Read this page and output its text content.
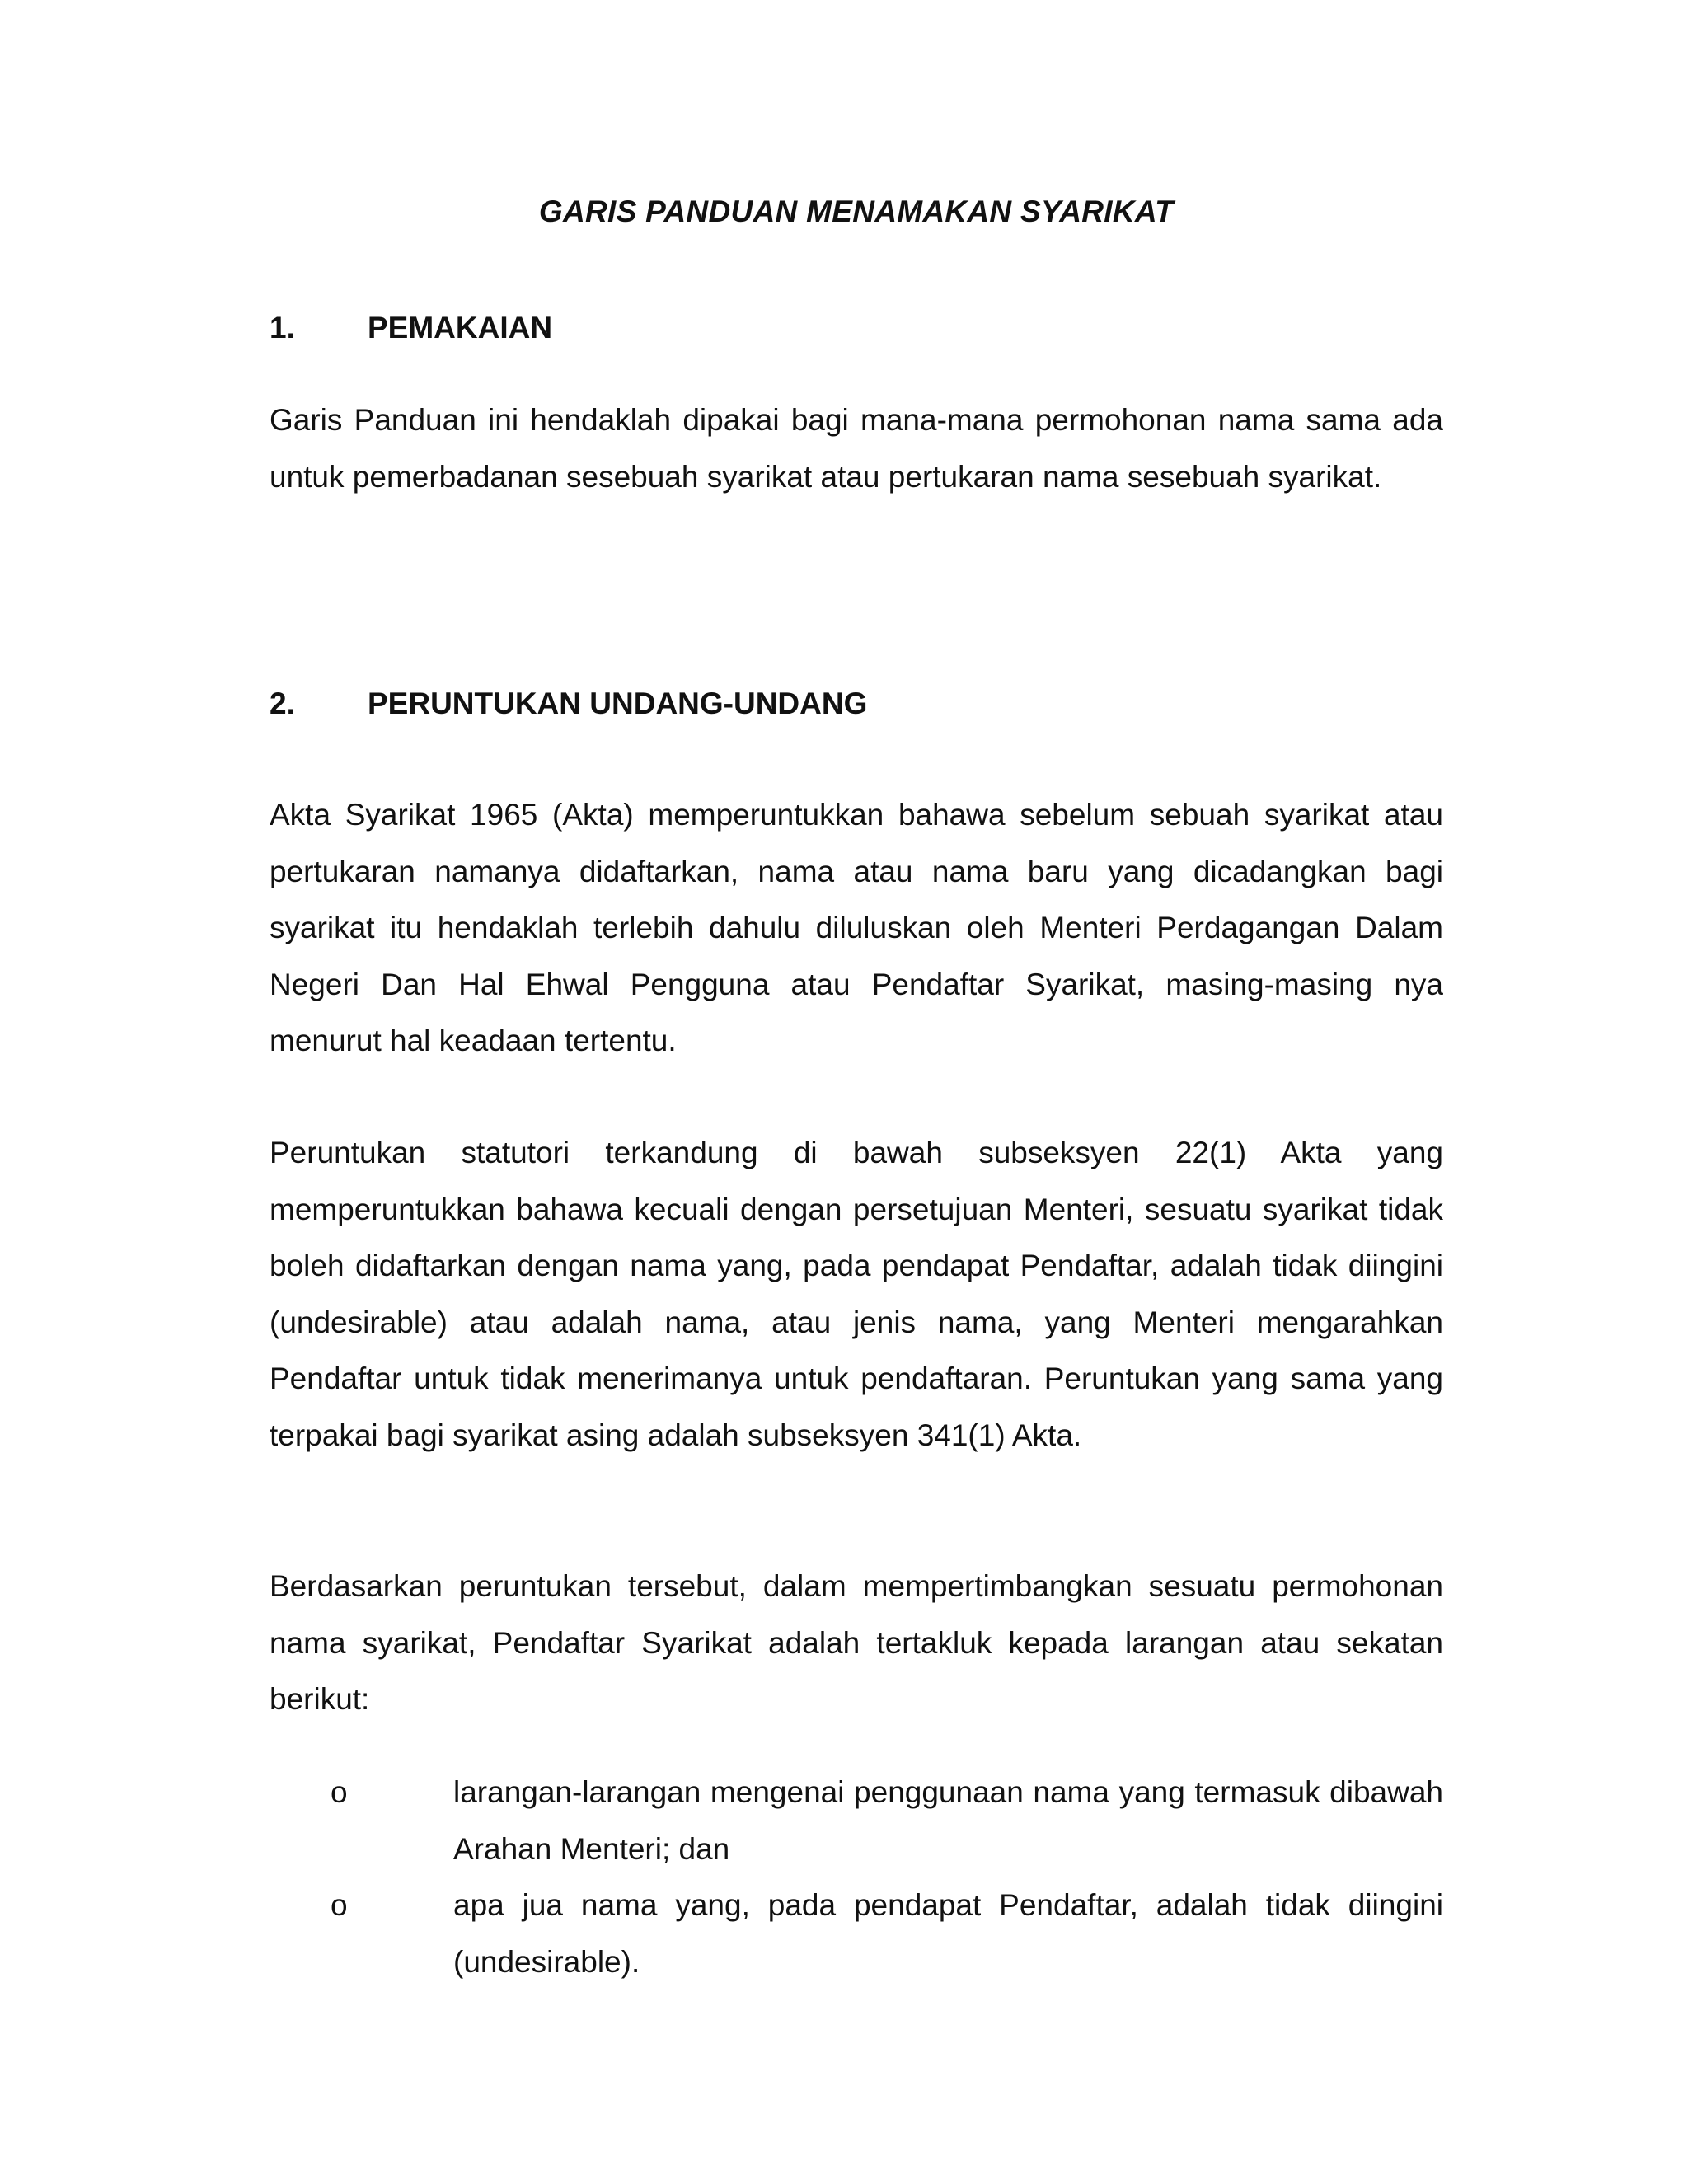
GARIS PANDUAN MENAMAKAN SYARIKAT
1. PEMAKAIAN

Garis Panduan ini hendaklah dipakai bagi mana-mana permohonan nama sama ada untuk pemerbadanan sesebuah syarikat atau pertukaran nama sesebuah syarikat.

2. PERUNTUKAN UNDANG-UNDANG

Akta Syarikat 1965 (Akta) memperuntukkan bahawa sebelum sebuah syarikat atau pertukaran namanya didaftarkan, nama atau nama baru yang dicadangkan bagi syarikat itu hendaklah terlebih dahulu diluluskan oleh Menteri Perdagangan Dalam Negeri Dan Hal Ehwal Pengguna atau Pendaftar Syarikat, masing-masing nya menurut hal keadaan tertentu.

Peruntukan statutori terkandung di bawah subseksyen 22(1) Akta yang memperuntukkan bahawa kecuali dengan persetujuan Menteri, sesuatu syarikat tidak boleh didaftarkan dengan nama yang, pada pendapat Pendaftar, adalah tidak diingini (undesirable) atau adalah nama, atau jenis nama, yang Menteri mengarahkan Pendaftar untuk tidak menerimanya untuk pendaftaran. Peruntukan yang sama yang terpakai bagi syarikat asing adalah subseksyen 341(1) Akta.

Berdasarkan peruntukan tersebut, dalam mempertimbangkan sesuatu permohonan nama syarikat, Pendaftar Syarikat adalah tertakluk kepada larangan atau sekatan berikut:

o	larangan-larangan mengenai penggunaan nama yang termasuk dibawah Arahan Menteri; dan
o	apa jua nama yang, pada pendapat Pendaftar, adalah tidak diingini (undesirable).
